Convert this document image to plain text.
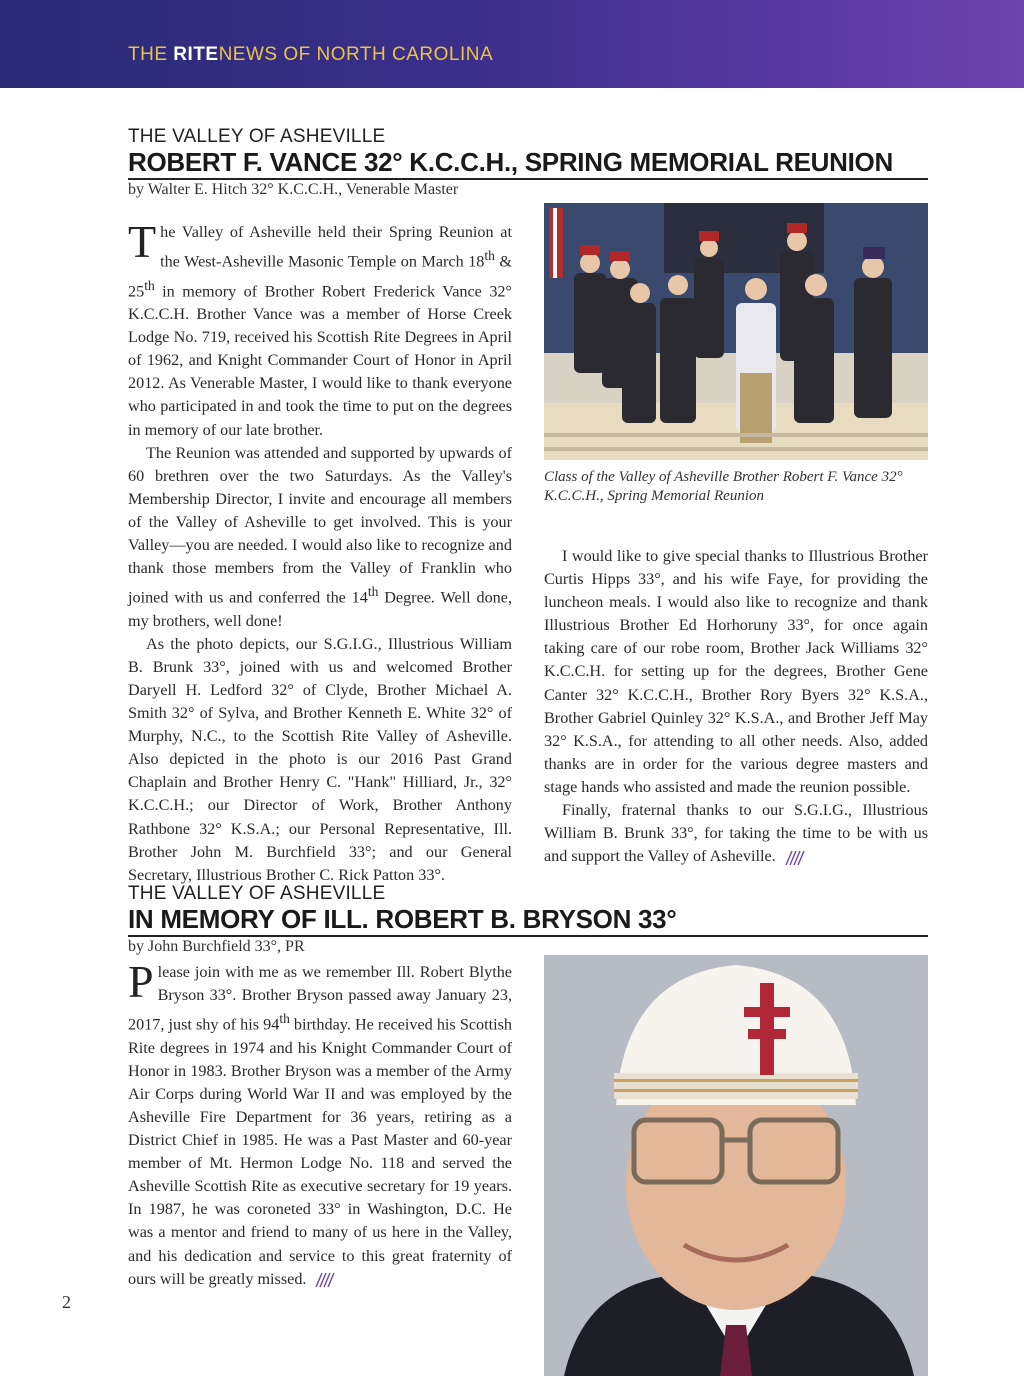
THE RITENEWS OF NORTH CAROLINA
THE VALLEY OF ASHEVILLE
ROBERT F. VANCE 32° K.C.C.H., SPRING MEMORIAL REUNION
by Walter E. Hitch 32° K.C.C.H., Venerable Master

The Valley of Asheville held their Spring Reunion at the West-Asheville Masonic Temple on March 18th & 25th in memory of Brother Robert Frederick Vance 32° K.C.C.H. Brother Vance was a member of Horse Creek Lodge No. 719, received his Scottish Rite Degrees in April of 1962, and Knight Commander Court of Honor in April 2012. As Venerable Master, I would like to thank everyone who participated in and took the time to put on the degrees in memory of our late brother.

The Reunion was attended and supported by upwards of 60 brethren over the two Saturdays. As the Valley's Membership Director, I invite and encourage all members of the Valley of Asheville to get involved. This is your Valley—you are needed. I would also like to recognize and thank those members from the Valley of Franklin who joined with us and conferred the 14th Degree. Well done, my brothers, well done!

As the photo depicts, our S.G.I.G., Illustrious William B. Brunk 33°, joined with us and welcomed Brother Daryell H. Ledford 32° of Clyde, Brother Michael A. Smith 32° of Sylva, and Brother Kenneth E. White 32° of Murphy, N.C., to the Scottish Rite Valley of Asheville. Also depicted in the photo is our 2016 Past Grand Chaplain and Brother Henry C. "Hank" Hilliard, Jr., 32° K.C.C.H.; our Director of Work, Brother Anthony Rathbone 32° K.S.A.; our Personal Representative, Ill. Brother John M. Burchfield 33°; and our General Secretary, Illustrious Brother C. Rick Patton 33°.

Class of the Valley of Asheville Brother Robert F. Vance 32° K.C.C.H., Spring Memorial Reunion

I would like to give special thanks to Illustrious Brother Curtis Hipps 33°, and his wife Faye, for providing the luncheon meals. I would also like to recognize and thank Illustrious Brother Ed Horhoruny 33°, for once again taking care of our robe room, Brother Jack Williams 32° K.C.C.H. for setting up for the degrees, Brother Gene Canter 32° K.C.C.H., Brother Rory Byers 32° K.S.A., Brother Gabriel Quinley 32° K.S.A., and Brother Jeff May 32° K.S.A., for attending to all other needs. Also, added thanks are in order for the various degree masters and stage hands who assisted and made the reunion possible.

Finally, fraternal thanks to our S.G.I.G., Illustrious William B. Brunk 33°, for taking the time to be with us and support the Valley of Asheville.

THE VALLEY OF ASHEVILLE
IN MEMORY OF ILL. ROBERT B. BRYSON 33°
by John Burchfield 33°, PR

Please join with me as we remember Ill. Robert Blythe Bryson 33°. Brother Bryson passed away January 23, 2017, just shy of his 94th birthday. He received his Scottish Rite degrees in 1974 and his Knight Commander Court of Honor in 1983. Brother Bryson was a member of the Army Air Corps during World War II and was employed by the Asheville Fire Department for 36 years, retiring as a District Chief in 1985. He was a Past Master and 60-year member of Mt. Hermon Lodge No. 118 and served the Asheville Scottish Rite as executive secretary for 19 years. In 1987, he was coroneted 33° in Washington, D.C. He was a mentor and friend to many of us here in the Valley, and his dedication and service to this great fraternity of ours will be greatly missed.

2
